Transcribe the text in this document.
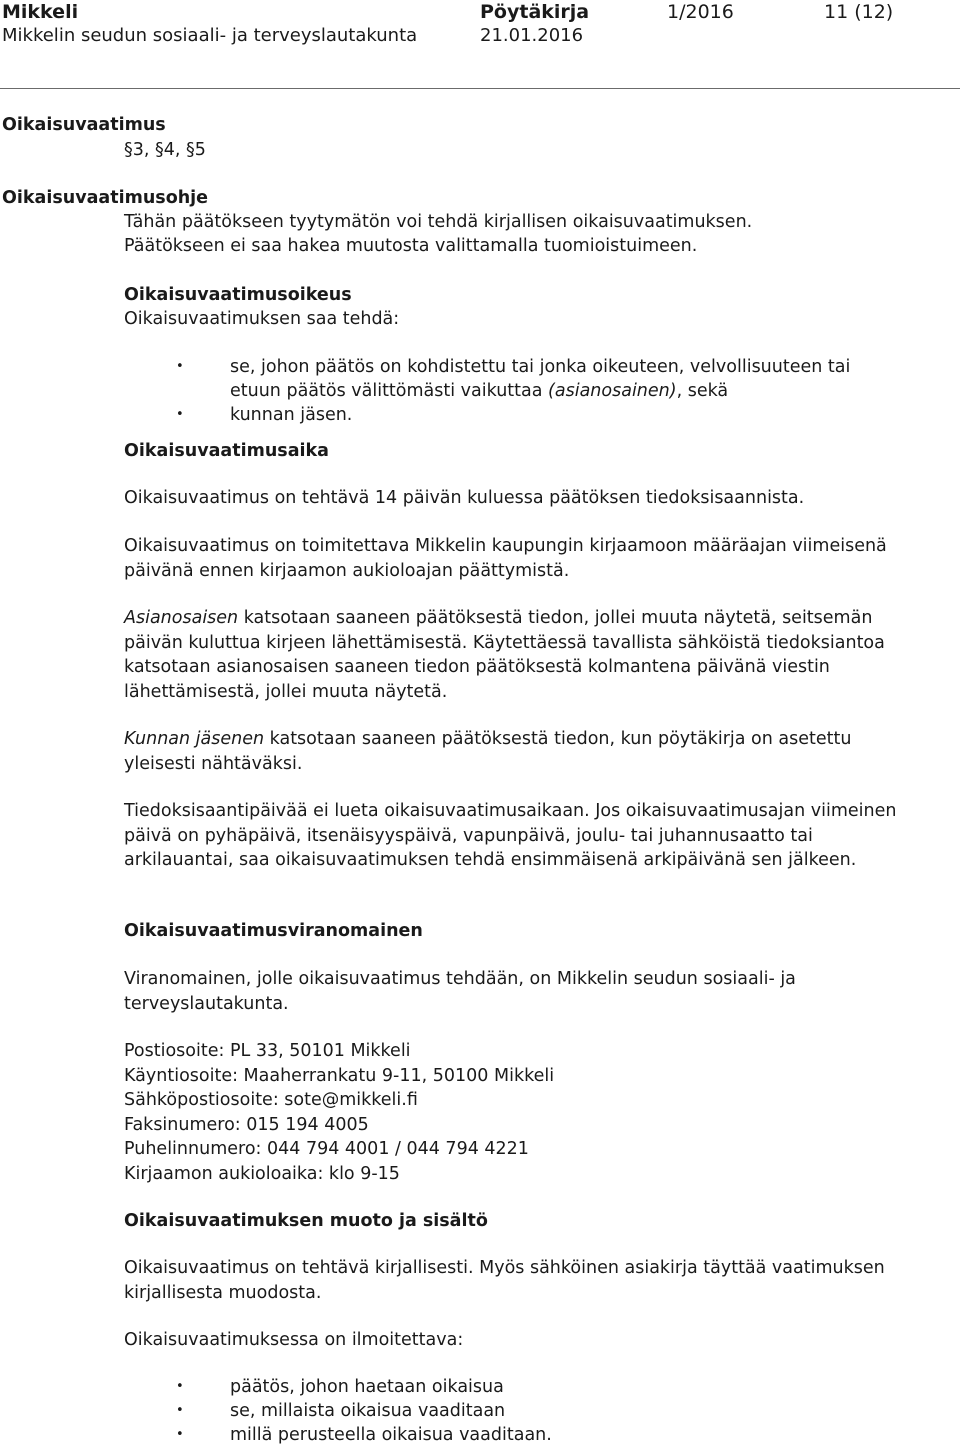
Mikkeli
Mikkelin seudun sosiaali- ja terveyslautakunta
Pöytäkirja
21.01.2016
1/2016	11 (12)
Oikaisuvaatimus
§3, §4, §5
Oikaisuvaatimusohje
Tähän päätökseen tyytymätön voi tehdä kirjallisen oikaisuvaatimuksen.
Päätökseen ei saa hakea muutosta valittamalla tuomioistuimeen.
Oikaisuvaatimusoikeus
Oikaisuvaatimuksen saa tehdä:
•	se, johon päätös on kohdistettu tai jonka oikeuteen, velvollisuuteen tai etuun päätös välittömästi vaikuttaa (asianosainen), sekä
•	kunnan jäsen.
Oikaisuvaatimusaika

Oikaisuvaatimus on tehtävä 14 päivän kuluessa päätöksen tiedoksisaannista.

Oikaisuvaatimus on toimitettava Mikkelin kaupungin kirjaamoon määräajan viimeisenä päivänä ennen kirjaamon aukioloajan päättymistä.

Asianosaisen katsotaan saaneen päätöksestä tiedon, jollei muuta näytetä, seitsemän päivän kuluttua kirjeen lähettämisestä. Käytettäessä tavallista sähköistä tiedoksiantoa katsotaan asianosaisen saaneen tiedon päätöksestä kolmantena päivänä viestin lähettämisestä, jollei muuta näytetä.

Kunnan jäsenen katsotaan saaneen päätöksestä tiedon, kun pöytäkirja on asetettu yleisesti nähtäväksi.

Tiedoksisaantipäivää ei lueta oikaisuvaatimusaikaan. Jos oikaisuvaatimusajan viimeinen päivä on pyhäpäivä, itsenäisyyspäivä, vapunpäivä, joulu- tai juhannusaatto tai arkilauantai, saa oikaisuvaatimuksen tehdä ensimmäisenä arkipäivänä sen jälkeen.

Oikaisuvaatimusviranomainen

Viranomainen, jolle oikaisuvaatimus tehdään, on Mikkelin seudun sosiaali- ja terveyslautakunta.

Postiosoite: PL 33, 50101 Mikkeli
Käyntiosoite: Maaherrankatu 9-11, 50100 Mikkeli
Sähköpostiosoite: sote@mikkeli.fi
Faksinumero: 015 194 4005
Puhelinnumero: 044 794 4001 / 044 794 4221
Kirjaamon aukioloaika: klo 9-15
Oikaisuvaatimuksen muoto ja sisältö

Oikaisuvaatimus on tehtävä kirjallisesti. Myös sähköinen asiakirja täyttää vaatimuksen kirjallisesta muodosta.

Oikaisuvaatimuksessa on ilmoitettava:

•	päätös, johon haetaan oikaisua
•	se, millaista oikaisua vaaditaan
•	millä perusteella oikaisua vaaditaan.
